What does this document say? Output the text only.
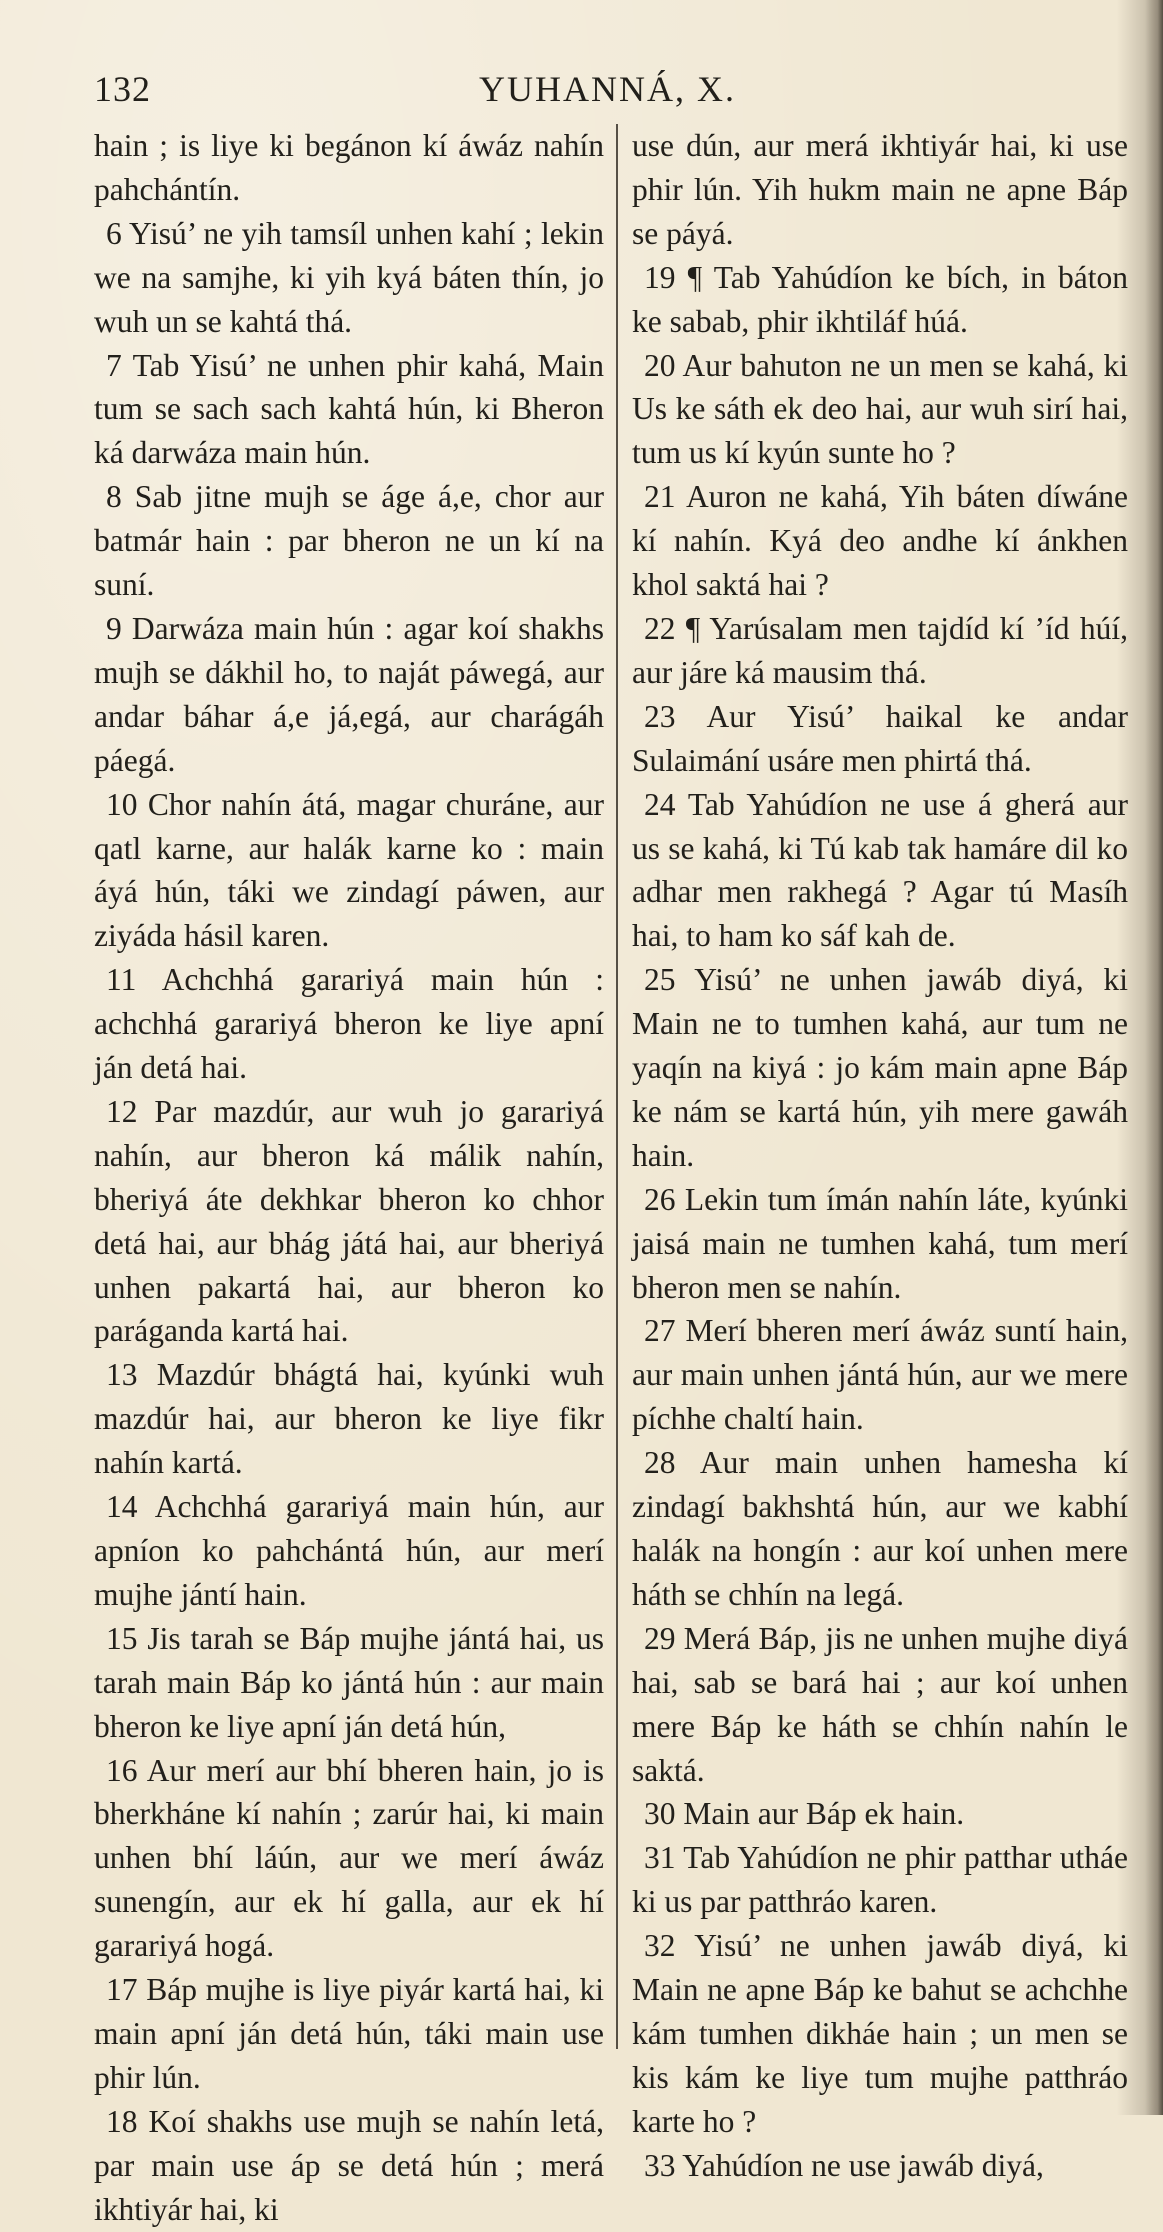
132	YUHANNÁ, X.

hain ; is liye ki begánon kí áwáz nahín pahchántín.

6 Yisú’ ne yih tamsíl unhen kahí ; lekin we na samjhe, ki yih kyá báten thín, jo wuh un se kahtá thá.

7 Tab Yisú’ ne unhen phir kahá, Main tum se sach sach kahtá hún, ki Bheron ká darwáza main hún.

8 Sab jitne mujh se áge á,e, chor aur batmár hain : par bheron ne un kí na suní.

9 Darwáza main hún : agar koí shakhs mujh se dákhil ho, to naját páwegá, aur andar báhar á,e já,egá, aur charágáh páegá.

10 Chor nahín átá, magar churáne, aur qatl karne, aur halák karne ko : main áyá hún, táki we zindagí páwen, aur ziyáda hásil karen.

11 Achchhá garariyá main hún : achchhá garariyá bheron ke liye apní ján detá hai.

12 Par mazdúr, aur wuh jo garariyá nahín, aur bheron ká málik nahín, bheriyá áte dekhkar bheron ko chhor detá hai, aur bhág játá hai, aur bheriyá unhen pakartá hai, aur bheron ko paráganda kartá hai.

13 Mazdúr bhágtá hai, kyúnki wuh mazdúr hai, aur bheron ke liye fikr nahín kartá.

14 Achchhá garariyá main hún, aur apníon ko pahchántá hún, aur merí mujhe jántí hain.

15 Jis tarah se Báp mujhe jántá hai, us tarah main Báp ko jántá hún : aur main bheron ke liye apní ján detá hún,

16 Aur merí aur bhí bheren hain, jo is bherkháne kí nahín ; zarúr hai, ki main unhen bhí láún, aur we merí áwáz sunengín, aur ek hí galla, aur ek hí garariyá hogá.

17 Báp mujhe is liye piyár kartá hai, ki main apní ján detá hún, táki main use phir lún.

18 Koí shakhs use mujh se nahín letá, par main use áp se detá hún ; merá ikhtiyár hai, ki

use dún, aur merá ikhtiyár hai, ki use phir lún. Yih hukm main ne apne Báp se páyá.

19 ¶ Tab Yahúdíon ke bích, in báton ke sabab, phir ikhtiláf húá.

20 Aur bahuton ne un men se kahá, ki Us ke sáth ek deo hai, aur wuh sirí hai, tum us kí kyún sunte ho ?

21 Auron ne kahá, Yih báten díwáne kí nahín. Kyá deo andhe kí ánkhen khol saktá hai ?

22 ¶ Yarúsalam men tajdíd kí ’íd húí, aur járe ká mausim thá.

23 Aur Yisú’ haikal ke andar Sulaimání usáre men phirtá thá.

24 Tab Yahúdíon ne use á gherá aur us se kahá, ki Tú kab tak hamáre dil ko adhar men rakhegá ? Agar tú Masíh hai, to ham ko sáf kah de.

25 Yisú’ ne unhen jawáb diyá, ki Main ne to tumhen kahá, aur tum ne yaqín na kiyá : jo kám main apne Báp ke nám se kartá hún, yih mere gawáh hain.

26 Lekin tum ímán nahín láte, kyúnki jaisá main ne tumhen kahá, tum merí bheron men se nahín.

27 Merí bheren merí áwáz suntí hain, aur main unhen jántá hún, aur we mere píchhe chaltí hain.

28 Aur main unhen hamesha kí zindagí bakhshtá hún, aur we kabhí halák na hongín : aur koí unhen mere háth se chhín na legá.

29 Merá Báp, jis ne unhen mujhe diyá hai, sab se bará hai ; aur koí unhen mere Báp ke háth se chhín nahín le saktá.

30 Main aur Báp ek hain.

31 Tab Yahúdíon ne phir patthar utháe ki us par patthráo karen.

32 Yisú’ ne unhen jawáb diyá, ki Main ne apne Báp ke bahut se achchhe kám tumhen dikháe hain ; un men se kis kám ke liye tum mujhe patthráo karte ho ?

33 Yahúdíon ne use jawáb diyá,
